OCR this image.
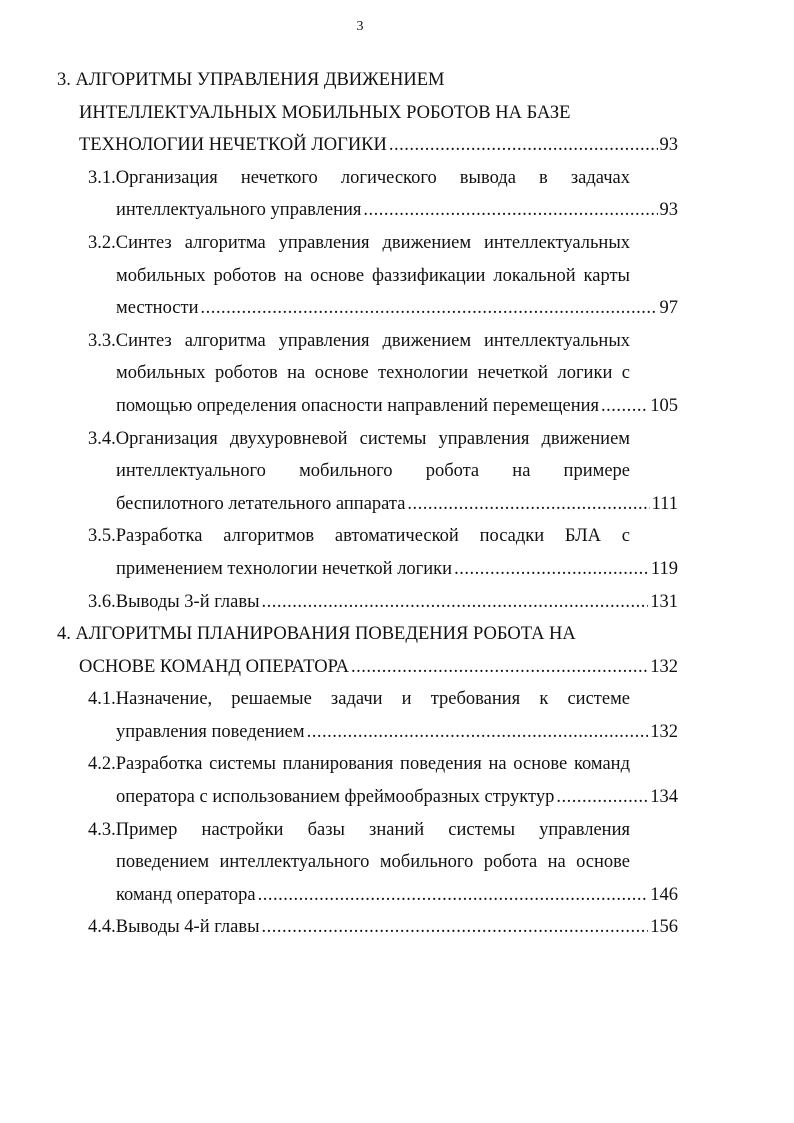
3
3. АЛГОРИТМЫ УПРАВЛЕНИЯ ДВИЖЕНИЕМ
ИНТЕЛЛЕКТУАЛЬНЫХ МОБИЛЬНЫХ РОБОТОВ НА БАЗЕ
ТЕХНОЛОГИИ НЕЧЕТКОЙ ЛОГИКИ .....	93
3.1.Организация нечеткого логического вывода в задачах
интеллектуального управления .....	93
3.2.Синтез алгоритма управления движением интеллектуальных
мобильных роботов на основе фаззификации локальной карты
местности .....	97
3.3.Синтез алгоритма управления движением интеллектуальных
мобильных роботов на основе технологии нечеткой логики с
помощью определения опасности направлений перемещения .....	105
3.4.Организация двухуровневой системы управления движением
интеллектуального мобильного робота на примере
беспилотного летательного аппарата .....	111
3.5.Разработка алгоритмов автоматической посадки БЛА с
применением технологии нечеткой логики .....	119
3.6.Выводы 3-й главы .....	131
4. АЛГОРИТМЫ ПЛАНИРОВАНИЯ ПОВЕДЕНИЯ РОБОТА НА
ОСНОВЕ КОМАНД ОПЕРАТОРА .....	132
4.1.Назначение, решаемые задачи и требования к системе
управления поведением .....	132
4.2.Разработка системы планирования поведения на основе команд
оператора с использованием фреймообразных структур .....	134
4.3.Пример настройки базы знаний системы управления
поведением интеллектуального мобильного робота на основе
команд оператора .....	146
4.4.Выводы 4-й главы .....	156
